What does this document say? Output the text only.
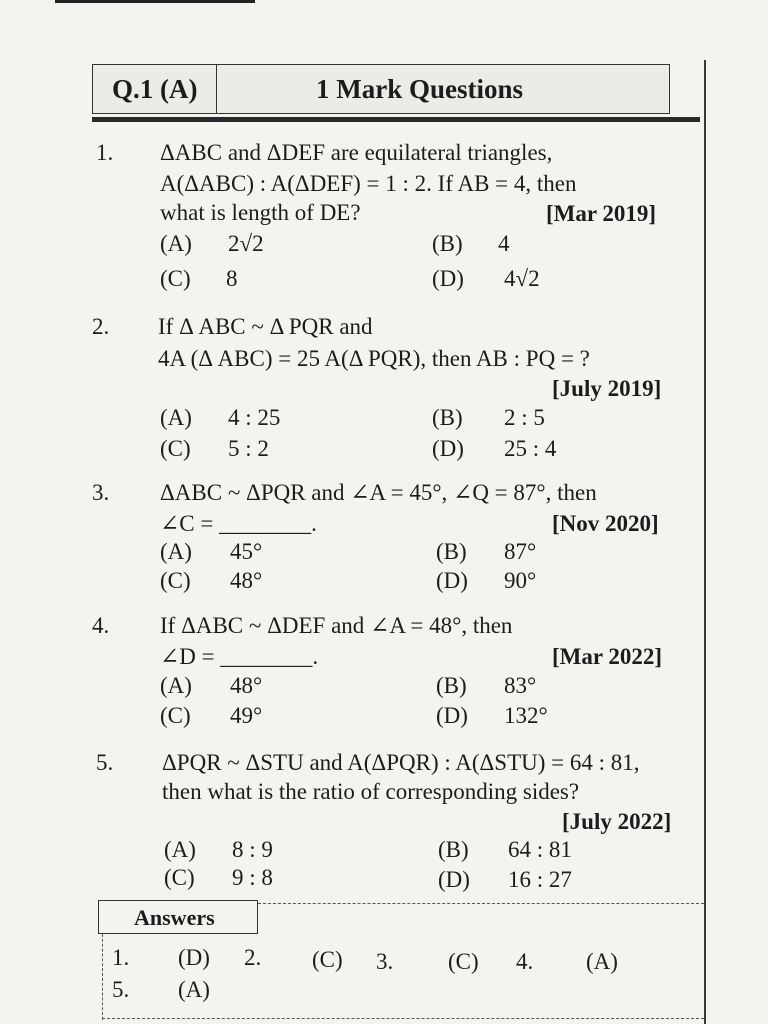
Q.1 (A)	1 Mark Questions
1. ΔABC and ΔDEF are equilateral triangles,
A(ΔABC) : A(ΔDEF) = 1 : 2. If AB = 4, then
what is length of DE?	[Mar 2019]
(A) 2√2	(B) 4
(C) 8	(D) 4√2
2. If Δ ABC ~ Δ PQR and
4A (Δ ABC) = 25 A(Δ PQR), then AB : PQ = ?
[July 2019]
(A) 4 : 25	(B) 2 : 5
(C) 5 : 2	(D) 25 : 4
3. ΔABC ~ ΔPQR and ∠A = 45°, ∠Q = 87°, then
∠C = ________.	[Nov 2020]
(A) 45°	(B) 87°
(C) 48°	(D) 90°
4. If ΔABC ~ ΔDEF and ∠A = 48°, then
∠D = ________.	[Mar 2022]
(A) 48°	(B) 83°
(C) 49°	(D) 132°
5. ΔPQR ~ ΔSTU and A(ΔPQR) : A(ΔSTU) = 64 : 81,
then what is the ratio of corresponding sides?
[July 2022]
(A) 8 : 9	(B) 64 : 81
(C) 9 : 8	(D) 16 : 27
Answers
1. (D) 2. (C) 3. (C) 4. (A)
5. (A)
